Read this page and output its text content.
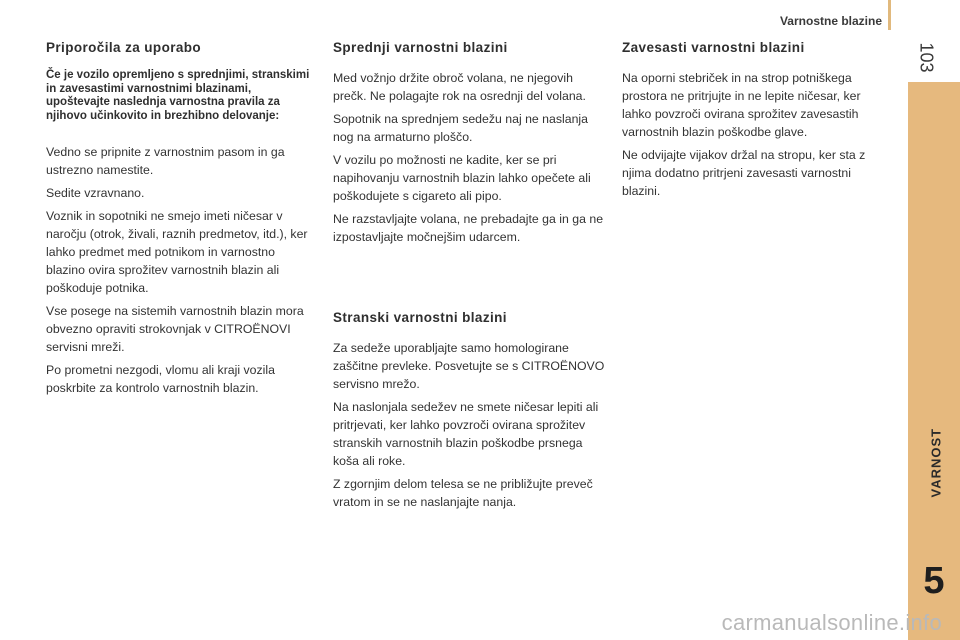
Varnostne blazine
103
VARNOST
5
Priporočila za uporabo
Če je vozilo opremljeno s sprednjimi, stranskimi in zavesastimi varnostnimi blazinami, upoštevajte naslednja varnostna pravila za njihovo učinkovito in brezhibno delovanje:

Vedno se pripnite z varnostnim pasom in ga ustrezno namestite.

Sedite vzravnano.

Voznik in sopotniki ne smejo imeti ničesar v naročju (otrok, živali, raznih predmetov, itd.), ker lahko predmet med potnikom in varnostno blazino ovira sprožitev varnostnih blazin ali poškoduje potnika.

Vse posege na sistemih varnostnih blazin mora obvezno opraviti strokovnjak v CITROËNOVI servisni mreži.

Po prometni nezgodi, vlomu ali kraji vozila poskrbite za kontrolo varnostnih blazin.

Sprednji varnostni blazini

Med vožnjo držite obroč volana, ne njegovih prečk. Ne polagajte rok na osrednji del volana.

Sopotnik na sprednjem sedežu naj ne naslanja nog na armaturno ploščo.

V vozilu po možnosti ne kadite, ker se pri napihovanju varnostnih blazin lahko opečete ali poškodujete s cigareto ali pipo.

Ne razstavljajte volana, ne prebadajte ga in ga ne izpostavljajte močnejšim udarcem.

Stranski varnostni blazini

Za sedeže uporabljajte samo homologirane zaščitne prevleke. Posvetujte se s CITROËNOVO servisno mrežo.

Na naslonjala sedežev ne smete ničesar lepiti ali pritrjevati, ker lahko povzroči ovirana sprožitev stranskih varnostnih blazin poškodbe prsnega koša ali roke.

Z zgornjim delom telesa se ne približujte preveč vratom in se ne naslanjajte nanja.

Zavesasti varnostni blazini

Na oporni stebriček in na strop potniškega prostora ne pritrjujte in ne lepite ničesar, ker lahko povzroči ovirana sprožitev zavesastih varnostnih blazin poškodbe glave.

Ne odvijajte vijakov držal na stropu, ker sta z njima dodatno pritrjeni zavesasti varnostni blazini.

carmanualsonline.info
